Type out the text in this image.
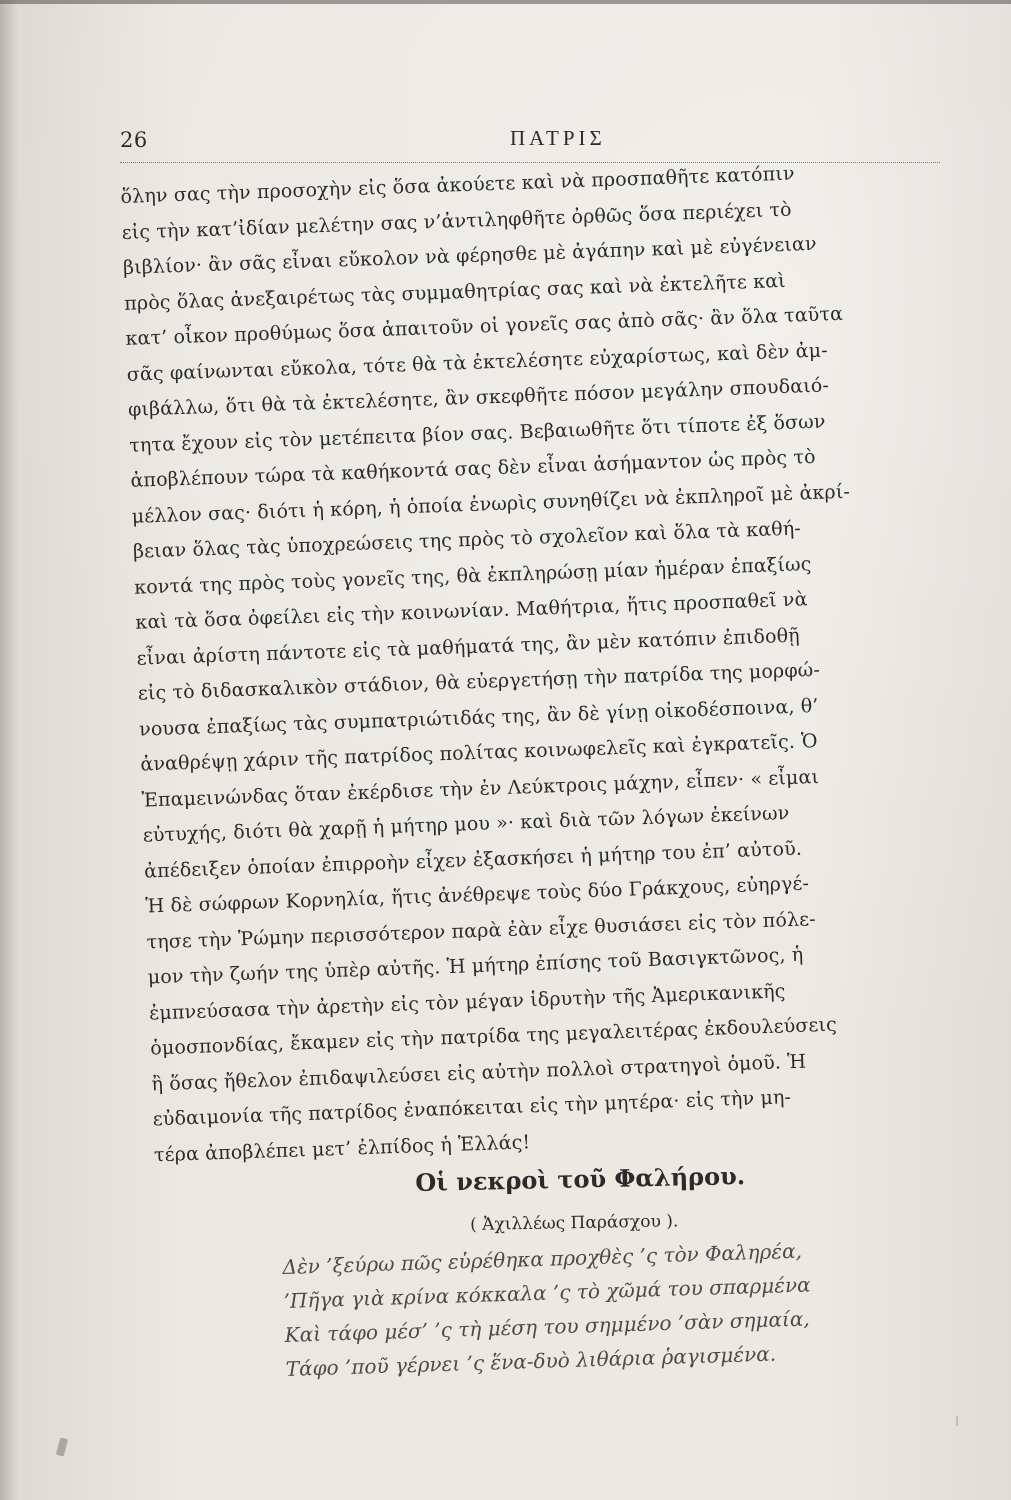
26	ΠΑΤΡΙΣ
ὅλην σας τὴν προσοχὴν εἰς ὅσα ἀκούετε καὶ νὰ προσπαθῆτε κατόπιν
εἰς τὴν κατ’ἰδίαν μελέτην σας ν’ἀντιληφθῆτε ὀρθῶς ὅσα περιέχει τὸ
βιβλίον· ἂν σᾶς εἶναι εὔκολον νὰ φέρησθε μὲ ἀγάπην καὶ μὲ εὐγένειαν
πρὸς ὅλας ἀνεξαιρέτως τὰς συμμαθητρίας σας καὶ νὰ ἐκτελῆτε καὶ
κατ’ οἶκον προθύμως ὅσα ἀπαιτοῦν οἱ γονεῖς σας ἀπὸ σᾶς· ἂν ὅλα ταῦτα
σᾶς φαίνωνται εὔκολα, τότε θὰ τὰ ἐκτελέσητε εὐχαρίστως, καὶ δὲν ἀμ-
φιβάλλω, ὅτι θὰ τὰ ἐκτελέσητε, ἂν σκεφθῆτε πόσον μεγάλην σπουδαιό-
τητα ἔχουν εἰς τὸν μετέπειτα βίον σας. Βεβαιωθῆτε ὅτι τίποτε ἐξ ὅσων
ἀποβλέπουν τώρα τὰ καθήκοντά σας δὲν εἶναι ἀσήμαντον ὡς πρὸς τὸ
μέλλον σας· διότι ἡ κόρη, ἡ ὁποία ἐνωρὶς συνηθίζει νὰ ἐκπληροῖ μὲ ἀκρί-
βειαν ὅλας τὰς ὑποχρεώσεις της πρὸς τὸ σχολεῖον καὶ ὅλα τὰ καθή-
κοντά της πρὸς τοὺς γονεῖς της, θὰ ἐκπληρώσῃ μίαν ἡμέραν ἐπαξίως
καὶ τὰ ὅσα ὀφείλει εἰς τὴν κοινωνίαν. Μαθήτρια, ἥτις προσπαθεῖ νὰ
εἶναι ἀρίστη πάντοτε εἰς τὰ μαθήματά της, ἂν μὲν κατόπιν ἐπιδοθῇ
εἰς τὸ διδασκαλικὸν στάδιον, θὰ εὐεργετήσῃ τὴν πατρίδα της μορφώ-
νουσα ἐπαξίως τὰς συμπατριώτιδάς της, ἂν δὲ γίνῃ οἰκοδέσποινα, θ’
ἀναθρέψῃ χάριν τῆς πατρίδος πολίτας κοινωφελεῖς καὶ ἐγκρατεῖς. Ὁ
Ἐπαμεινώνδας ὅταν ἐκέρδισε τὴν ἐν Λεύκτροις μάχην, εἶπεν· « εἶμαι
εὐτυχής, διότι θὰ χαρῇ ἡ μήτηρ μου »· καὶ διὰ τῶν λόγων ἐκείνων
ἀπέδειξεν ὁποίαν ἐπιρροὴν εἶχεν ἐξασκήσει ἡ μήτηρ του ἐπ’ αὐτοῦ.
Ἡ δὲ σώφρων Κορνηλία, ἥτις ἀνέθρεψε τοὺς δύο Γράκχους, εὐηργέ-
τησε τὴν Ῥώμην περισσότερον παρὰ ἐὰν εἶχε θυσιάσει εἰς τὸν πόλε-
μον τὴν ζωήν της ὑπὲρ αὐτῆς. Ἡ μήτηρ ἐπίσης τοῦ Βασιγκτῶνος, ἡ
ἐμπνεύσασα τὴν ἀρετὴν εἰς τὸν μέγαν ἱδρυτὴν τῆς Ἀμερικανικῆς
ὁμοσπονδίας, ἔκαμεν εἰς τὴν πατρίδα της μεγαλειτέρας ἐκδουλεύσεις
ἢ ὅσας ἤθελον ἐπιδαψιλεύσει εἰς αὐτὴν πολλοὶ στρατηγοὶ ὁμοῦ. Ἡ
εὐδαιμονία τῆς πατρίδος ἐναπόκειται εἰς τὴν μητέρα· εἰς τὴν μη-
τέρα ἀποβλέπει μετ’ ἐλπίδος ἡ Ἑλλάς!
Οἱ νεκροὶ τοῦ Φαλήρου.
( Ἀχιλλέως Παράσχου ).
Δὲν ’ξεύρω πῶς εὑρέθηκα προχθὲς ’ς τὸν Φαληρέα,
’Πῆγα γιὰ κρίνα κόκκαλα ’ς τὸ χῶμά του σπαρμένα
Καὶ τάφο μέσ’ ’ς τὴ μέση του σημμένο ’σὰν σημαία,
Τάφο ’ποῦ γέρνει ’ς ἕνα-δυὸ λιθάρια ῥαγισμένα.
